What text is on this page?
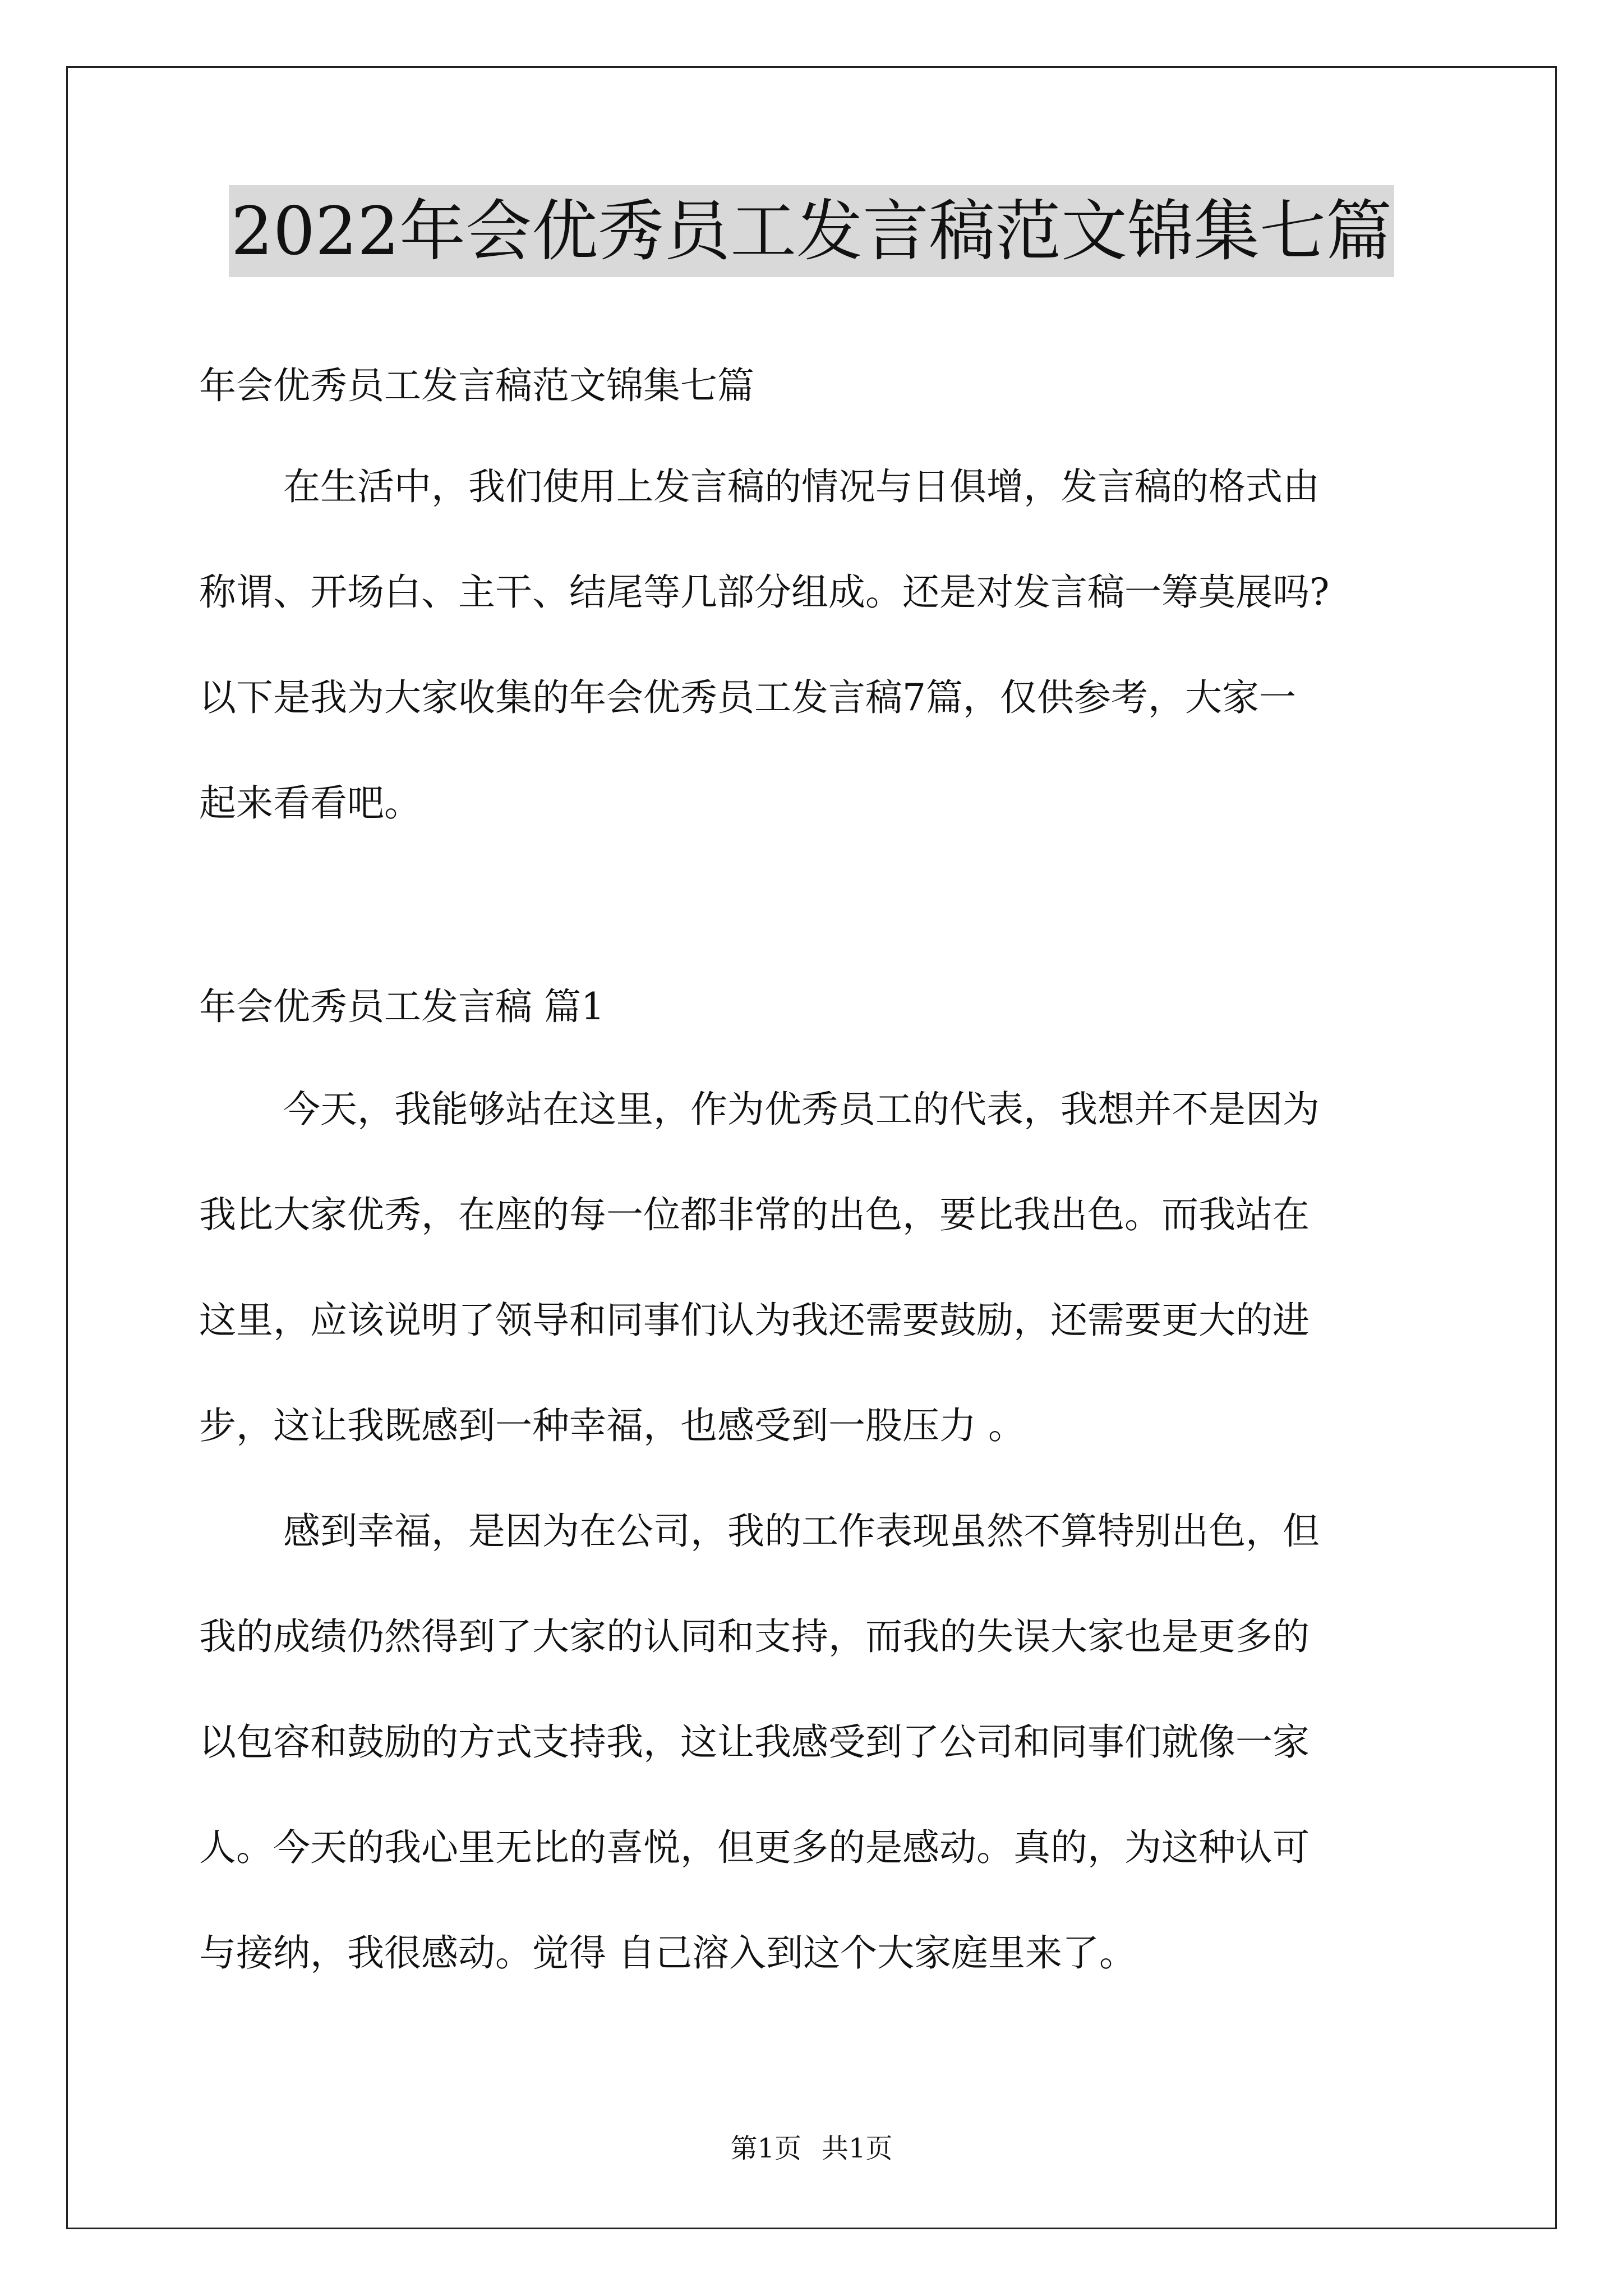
2022年会优秀员工发言稿范文锦集七篇
年会优秀员工发言稿范文锦集七篇
在生活中，我们使用上发言稿的情况与日俱增，发言稿的格式由
称谓、开场白、主干、结尾等几部分组成。还是对发言稿一筹莫展吗?
以下是我为大家收集的年会优秀员工发言稿7篇，仅供参考，大家一
起来看看吧。
年会优秀员工发言稿 篇1
今天，我能够站在这里，作为优秀员工的代表，我想并不是因为
我比大家优秀，在座的每一位都非常的出色，要比我出色。而我站在
这里，应该说明了领导和同事们认为我还需要鼓励，还需要更大的进
步，这让我既感到一种幸福，也感受到一股压力 。
感到幸福，是因为在公司，我的工作表现虽然不算特别出色，但
我的成绩仍然得到了大家的认同和支持，而我的失误大家也是更多的
以包容和鼓励的方式支持我，这让我感受到了公司和同事们就像一家
人。今天的我心里无比的喜悦，但更多的是感动。真的，为这种认可
与接纳，我很感动。觉得 自己溶入到这个大家庭里来了。
第1页 共1页
